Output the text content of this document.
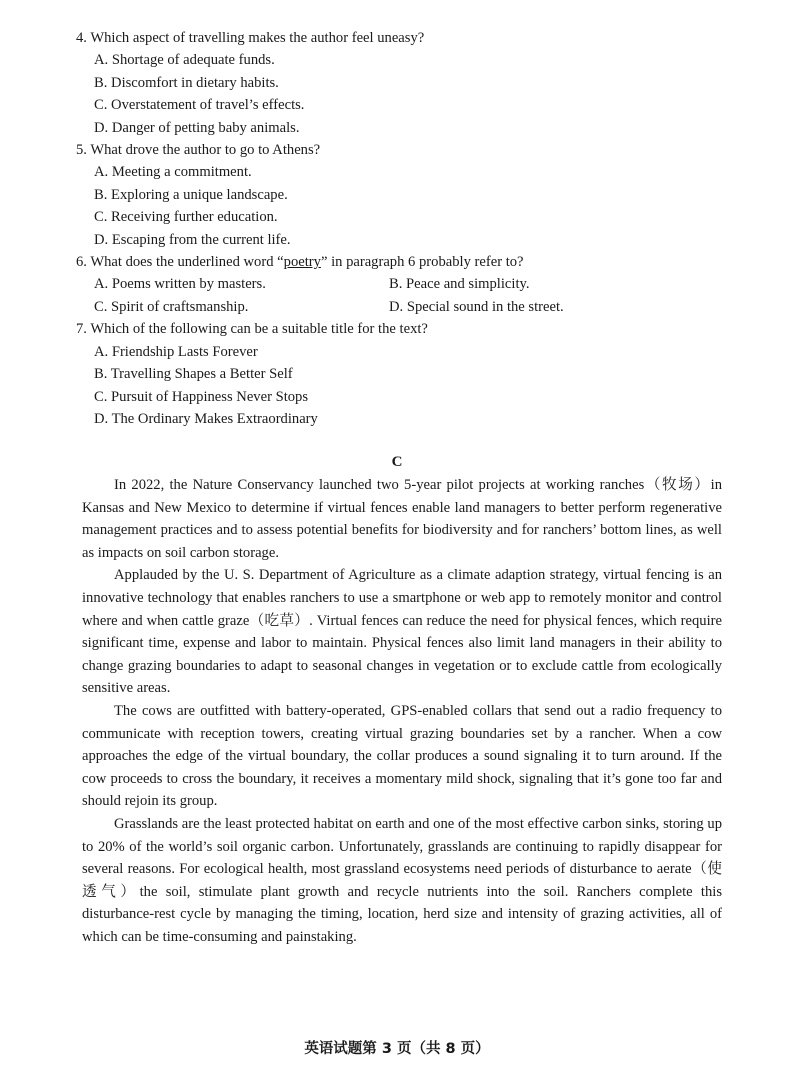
4. Which aspect of travelling makes the author feel uneasy?
A. Shortage of adequate funds.
B. Discomfort in dietary habits.
C. Overstatement of travel’s effects.
D. Danger of petting baby animals.
5. What drove the author to go to Athens?
A. Meeting a commitment.
B. Exploring a unique landscape.
C. Receiving further education.
D. Escaping from the current life.
6. What does the underlined word “poetry” in paragraph 6 probably refer to?
A. Poems written by masters.	B. Peace and simplicity.
C. Spirit of craftsmanship.	D. Special sound in the street.
7. Which of the following can be a suitable title for the text?
A. Friendship Lasts Forever
B. Travelling Shapes a Better Self
C. Pursuit of Happiness Never Stops
D. The Ordinary Makes Extraordinary
C

In 2022, the Nature Conservancy launched two 5-year pilot projects at working ranches（牧场）in Kansas and New Mexico to determine if virtual fences enable land managers to better perform regenerative management practices and to assess potential benefits for biodiversity and for ranchers’ bottom lines, as well as impacts on soil carbon storage.

Applauded by the U. S. Department of Agriculture as a climate adaption strategy, virtual fencing is an innovative technology that enables ranchers to use a smartphone or web app to remotely monitor and control where and when cattle graze（吃草）. Virtual fences can reduce the need for physical fences, which require significant time, expense and labor to maintain. Physical fences also limit land managers in their ability to change grazing boundaries to adapt to seasonal changes in vegetation or to exclude cattle from ecologically sensitive areas.

The cows are outfitted with battery-operated, GPS-enabled collars that send out a radio frequency to communicate with reception towers, creating virtual grazing boundaries set by a rancher. When a cow approaches the edge of the virtual boundary, the collar produces a sound signaling it to turn around. If the cow proceeds to cross the boundary, it receives a momentary mild shock, signaling that it’s gone too far and should rejoin its group.

Grasslands are the least protected habitat on earth and one of the most effective carbon sinks, storing up to 20% of the world’s soil organic carbon. Unfortunately, grasslands are continuing to rapidly disappear for several reasons. For ecological health, most grassland ecosystems need periods of disturbance to aerate（使透气）the soil, stimulate plant growth and recycle nutrients into the soil. Ranchers complete this disturbance-rest cycle by managing the timing, location, herd size and intensity of grazing activities, all of which can be time-consuming and painstaking.

英语试题第 3 页（共 8 页）
